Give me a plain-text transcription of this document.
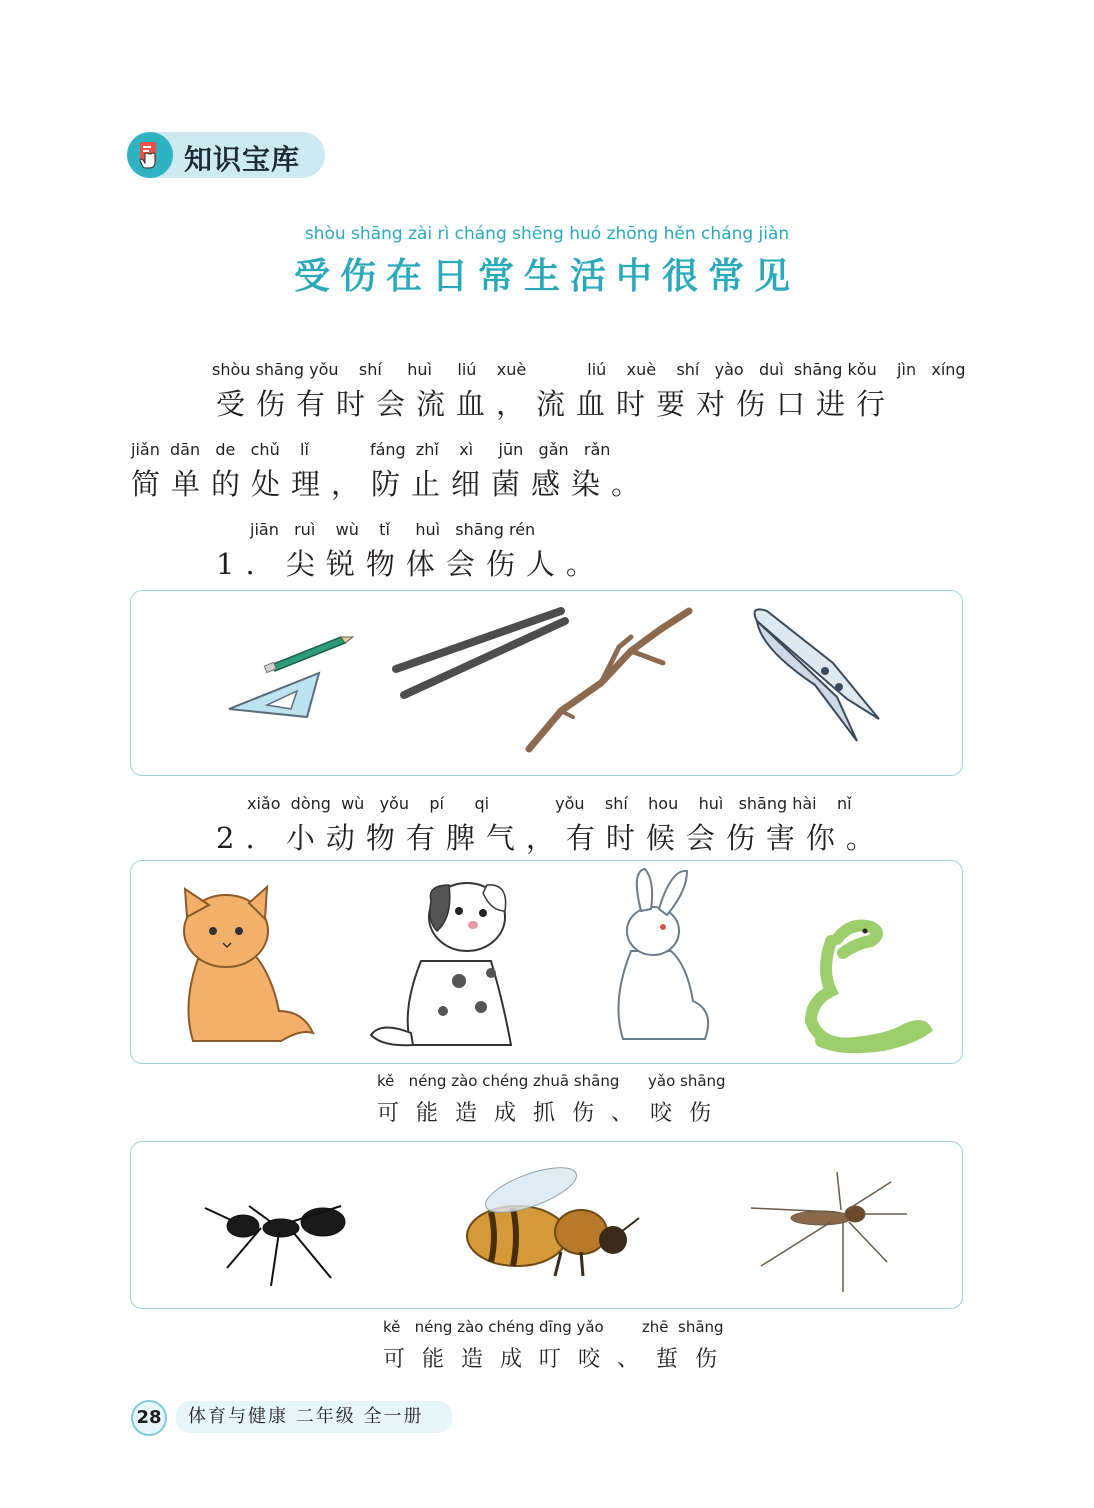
知识宝库
shòu shāng zài rì cháng shēng huó zhōng hěn cháng jiàn
受伤在日常生活中很常见
shòu shāng yǒu    shí     huì     liú    xuè            liú    xuè    shí   yào   duì  shāng kǒu    jìn   xíng
受伤有时会流血，流血时要对伤口进行
jiǎn  dān   de   chǔ    lǐ            fáng  zhǐ    xì     jūn   gǎn   rǎn
简单的处理，防止细菌感染。
jiān   ruì    wù    tǐ     huì   shāng rén
1. 尖锐物体会伤人。
xiǎo  dòng  wù   yǒu    pí      qi             yǒu    shí    hou    huì   shāng hài    nǐ
2. 小动物有脾气，有时候会伤害你。
kě   néng zào chéng zhuā shāng      yǎo shāng
可能造成抓伤、咬伤
kě   néng zào chéng dīng yǎo        zhē  shāng
可能造成叮咬、蜇伤
28	体育与健康 二年级 全一册
